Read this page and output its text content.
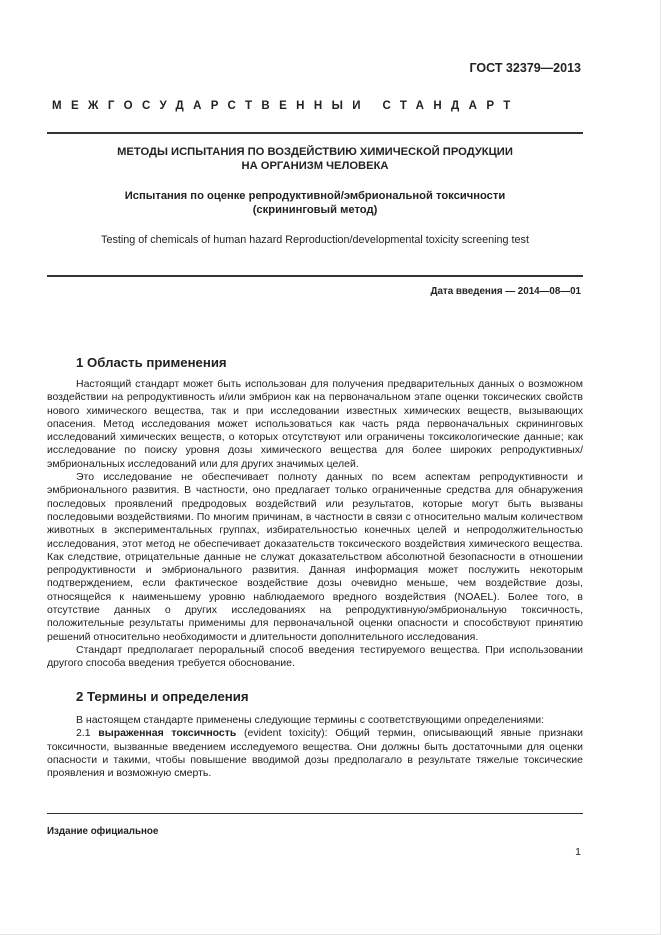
ГОСТ 32379—2013
МЕЖГОСУДАРСТВЕННЫЙ СТАНДАРТ
МЕТОДЫ ИСПЫТАНИЯ ПО ВОЗДЕЙСТВИЮ ХИМИЧЕСКОЙ ПРОДУКЦИИ
НА ОРГАНИЗМ ЧЕЛОВЕКА
Испытания по оценке репродуктивной/эмбриональной токсичности
(скрининговый метод)
Testing of chemicals of human hazard Reproduction/developmental toxicity screening test
Дата введения — 2014—08—01
1 Область применения

Настоящий стандарт может быть использован для получения предварительных данных о возможном воздействии на репродуктивность и/или эмбрион как на первоначальном этапе оценки токсических свойств нового химического вещества, так и при исследовании известных химических веществ, вызывающих опасения. Метод исследования может использоваться как часть ряда первоначальных скрининговых исследований химических веществ, о которых отсутствуют или ограничены токсикологические данные; как исследование по поиску уровня дозы химического вещества для более широких репродуктивных/эмбриональных исследований или для других значимых целей.

Это исследование не обеспечивает полноту данных по всем аспектам репродуктивности и эмбрионального развития. В частности, оно предлагает только ограниченные средства для обнаружения последовых проявлений предродовых воздействий или результатов, которые могут быть вызваны последовыми воздействиями. По многим причинам, в частности в связи с относительно малым количеством животных в экспериментальных группах, избирательностью конечных целей и непродолжительностью исследования, этот метод не обеспечивает доказательств токсического воздействия химического вещества. Как следствие, отрицательные данные не служат доказательством абсолютной безопасности в отношении репродуктивности и эмбрионального развития. Данная информация может послужить некоторым подтверждением, если фактическое воздействие дозы очевидно меньше, чем воздействие дозы, относящейся к наименьшему уровню наблюдаемого вредного воздействия (NOAEL). Более того, в отсутствие данных о других исследованиях на репродуктивную/эмбриональную токсичность, положительные результаты применимы для первоначальной оценки опасности и способствуют принятию решений относительно необходимости и длительности дополнительного исследования.

Стандарт предполагает пероральный способ введения тестируемого вещества. При использовании другого способа введения требуется обоснование.

2 Термины и определения

В настоящем стандарте применены следующие термины с соответствующими определениями:

2.1 выраженная токсичность (evident toxicity): Общий термин, описывающий явные признаки токсичности, вызванные введением исследуемого вещества. Они должны быть достаточными для оценки опасности и такими, чтобы повышение вводимой дозы предполагало в результате тяжелые токсические проявления и возможную смерть.

Издание официальное
1
